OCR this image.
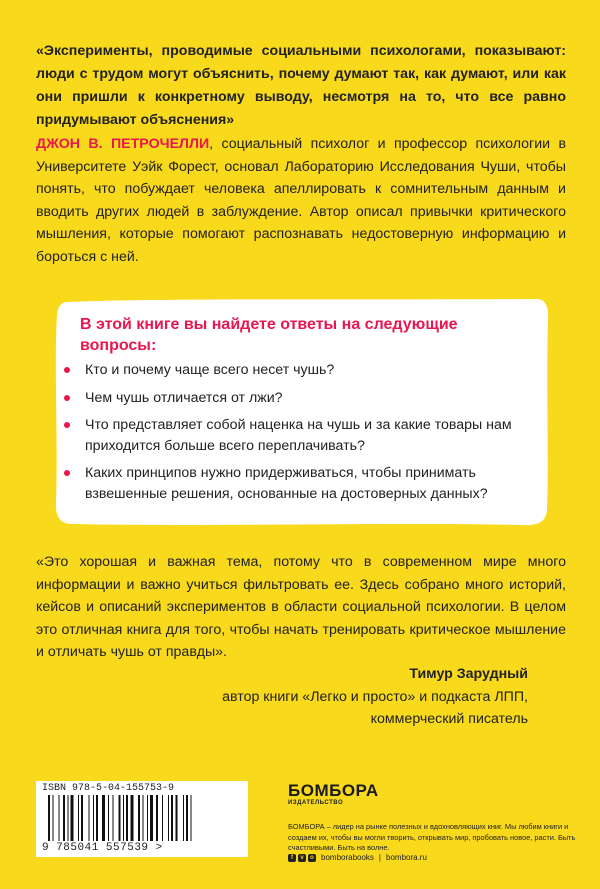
«Эксперименты, проводимые социальными психологами, показывают: люди с трудом могут объяснить, почему думают так, как думают, или как они пришли к конкретному выводу, несмотря на то, что все равно придумывают объяснения»
ДЖОН В. ПЕТРОЧЕЛЛИ, социальный психолог и профессор психологии в Университете Уэйк Форест, основал Лабораторию Исследования Чуши, чтобы понять, что побуждает человека апеллировать к сомнительным данным и вводить других людей в заблуждение. Автор описал привычки критического мышления, которые помогают распознавать недостоверную информацию и бороться с ней.
В этой книге вы найдете ответы на следующие вопросы:
Кто и почему чаще всего несет чушь?
Чем чушь отличается от лжи?
Что представляет собой наценка на чушь и за какие товары нам приходится больше всего переплачивать?
Каких принципов нужно придерживаться, чтобы принимать взвешенные решения, основанные на достоверных данных?
«Это хорошая и важная тема, потому что в современном мире много информации и важно учиться фильтровать ее. Здесь собрано много историй, кейсов и описаний экспериментов в области социальной психологии. В целом это отличная книга для того, чтобы начать тренировать критическое мышление и отличать чушь от правды».
Тимур Зарудный
автор книги «Легко и просто» и подкаста ЛПП,
коммерческий писатель
ISBN 978-5-04-155753-9
9 785041 557539 >
БОМБОРА
ИЗДАТЕЛЬСТВО
БОМБОРА – лидер на рынке полезных и вдохновляющих книг. Мы любим книги и создаем их, чтобы вы могли творить, открывать мир, пробовать новое, расти. Быть счастливыми. Быть на волне.
f	v	o bomborabooks | bombora.ru
